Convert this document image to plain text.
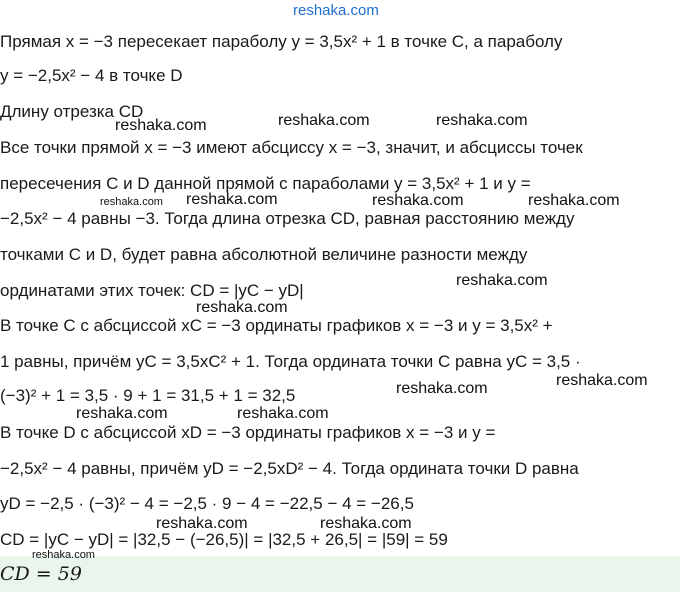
reshaka.com
Прямая x = −3 пересекает параболу y = 3,5x² + 1 в точке C, а параболу
y = −2,5x² − 4 в точке D
Длину отрезка CD
Все точки прямой x = −3 имеют абсциссу x = −3, значит, и абсциссы точек
пересечения C и D данной прямой с параболами y = 3,5x² + 1 и y =
−2,5x² − 4 равны −3. Тогда длина отрезка CD, равная расстоянию между
точками C и D, будет равна абсолютной величине разности между
ординатами этих точек: CD = |yC − yD|
В точке C с абсциссой xC = −3 ординаты графиков x = −3 и y = 3,5x² +
1 равны, причём yC = 3,5xC² + 1. Тогда ордината точки C равна yC = 3,5 ·
(−3)² + 1 = 3,5 · 9 + 1 = 31,5 + 1 = 32,5
В точке D с абсциссой xD = −3 ординаты графиков x = −3 и y =
−2,5x² − 4 равны, причём yD = −2,5xD² − 4. Тогда ордината точки D равна
yD = −2,5 · (−3)² − 4 = −2,5 · 9 − 4 = −22,5 − 4 = −26,5
CD = |yC − yD| = |32,5 − (−26,5)| = |32,5 + 26,5| = |59| = 59
CD = 59
reshaka.com	reshaka.com	reshaka.com
reshaka.com reshaka.com	reshaka.com	reshaka.com
reshaka.com
reshaka.com
reshaka.com	reshaka.com
reshaka.com	reshaka.com
reshaka.com	reshaka.com
reshaka.com
